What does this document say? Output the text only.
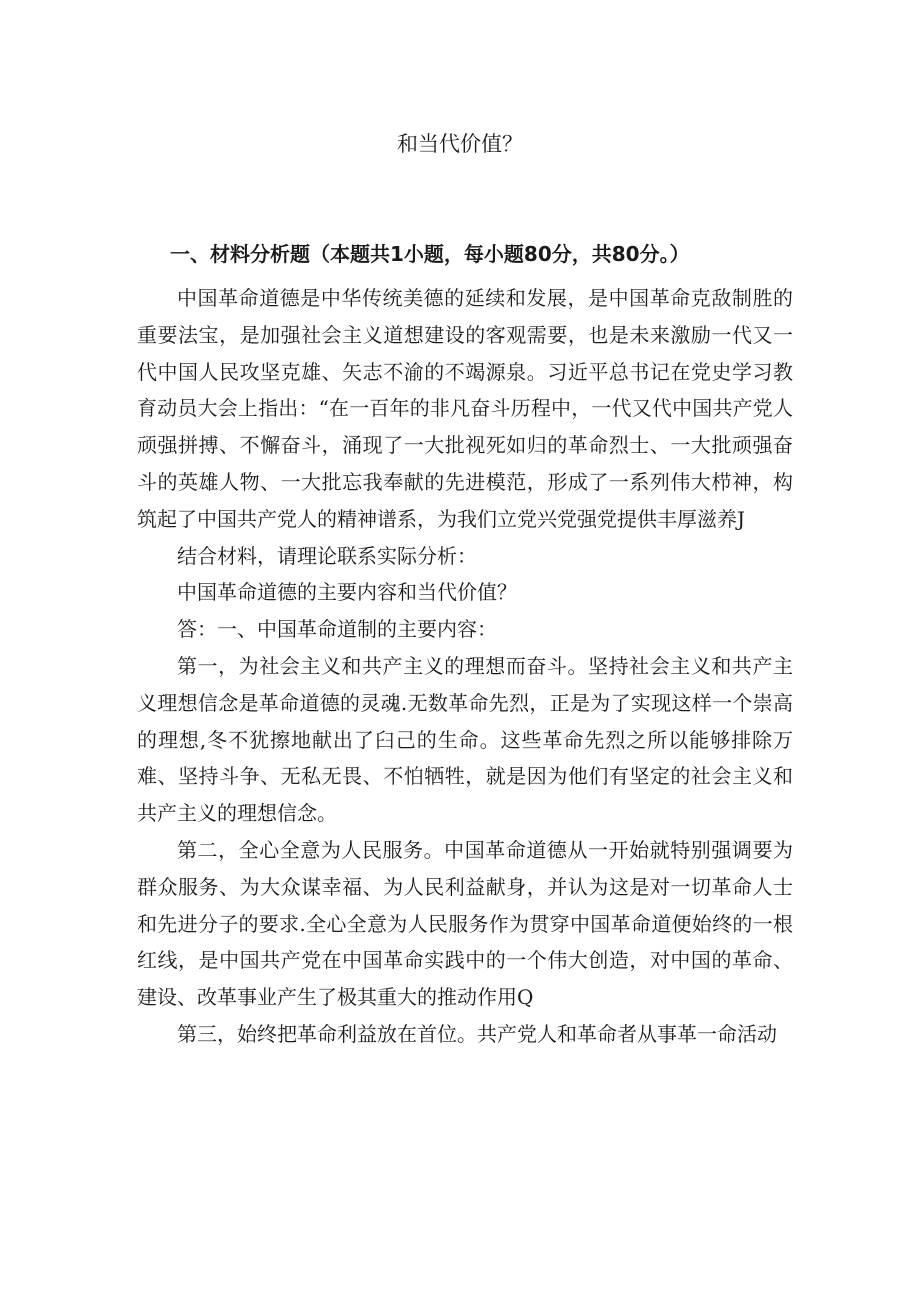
和当代价值？
一、材料分析题（本题共1小题，每小题80分，共80分。）

中国革命道德是中华传统美德的延续和发展，是中国革命克敌制胜的重要法宝，是加强社会主义道想建设的客观需要，也是未来激励一代又一代中国人民攻坚克雄、矢志不渝的不竭源泉。习近平总书记在党史学习教育动员大会上指出：“在一百年的非凡奋斗历程中，一代又代中国共产党人顽强拼搏、不懈奋斗，涌现了一大批视死如归的革命烈士、一大批顽强奋斗的英雄人物、一大批忘我奉献的先进模范，形成了一系列伟大栉神，构筑起了中国共产党人的精神谱系，为我们立党兴党强党提供丰厚滋养J

结合材料，请理论联系实际分析：

中国革命道德的主要内容和当代价值？

答：一、中国革命道制的主要内容：

第一，为社会主义和共产主义的理想而奋斗。坚持社会主义和共产主义理想信念是革命道德的灵魂.无数革命先烈，正是为了实现这样一个崇高的理想,冬不犹擦地献出了臼己的生命。这些革命先烈之所以能够排除万难、坚持斗争、无私无畏、不怕牺牲，就是因为他们有坚定的社会主义和共产主义的理想信念。

第二，全心全意为人民服务。中国革命道德从一开始就特别强调要为群众服务、为大众谋幸福、为人民利益献身，并认为这是对一切革命人士和先进分子的要求.全心全意为人民服务作为贯穿中国革命道便始终的一根红线，是中国共产党在中国革命实践中的一个伟大创造，对中国的革命、建设、改革事业产生了极其重大的推动作用Q

第三，始终把革命利益放在首位。共产党人和革命者从事革一命活动
